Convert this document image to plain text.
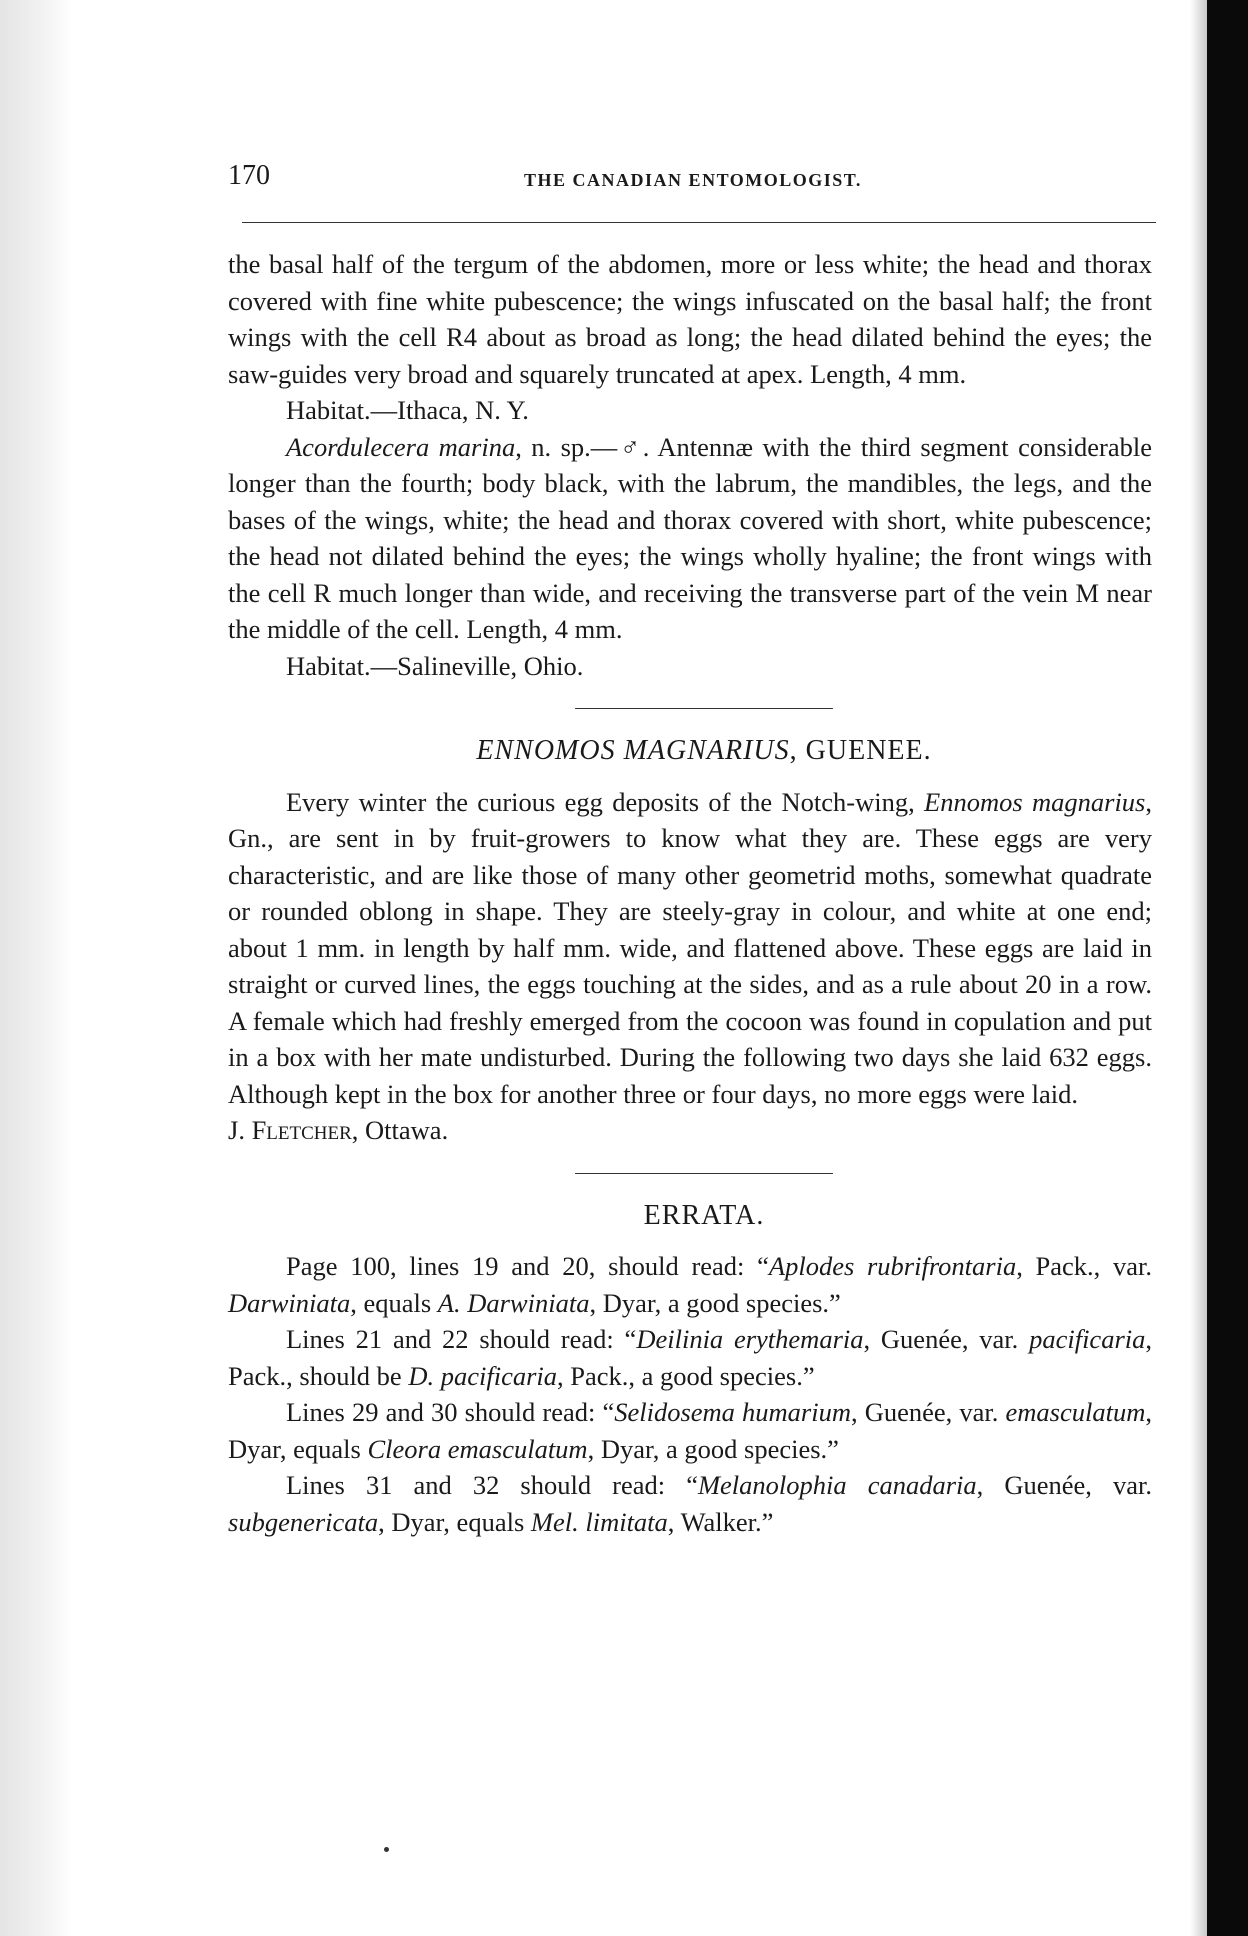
170	THE CANADIAN ENTOMOLOGIST.

the basal half of the tergum of the abdomen, more or less white; the head and thorax covered with fine white pubescence; the wings infuscated on the basal half; the front wings with the cell R4 about as broad as long; the head dilated behind the eyes; the saw-guides very broad and squarely truncated at apex. Length, 4 mm.

Habitat.—Ithaca, N. Y.

Acordulecera marina, n. sp.—♂. Antennæ with the third segment considerable longer than the fourth; body black, with the labrum, the mandibles, the legs, and the bases of the wings, white; the head and thorax covered with short, white pubescence; the head not dilated behind the eyes; the wings wholly hyaline; the front wings with the cell R much longer than wide, and receiving the transverse part of the vein M near the middle of the cell. Length, 4 mm.

Habitat.—Salineville, Ohio.

ENNOMOS MAGNARIUS, GUENEE.

Every winter the curious egg deposits of the Notch-wing, Ennomos magnarius, Gn., are sent in by fruit-growers to know what they are. These eggs are very characteristic, and are like those of many other geometrid moths, somewhat quadrate or rounded oblong in shape. They are steely-gray in colour, and white at one end; about 1 mm. in length by half mm. wide, and flattened above. These eggs are laid in straight or curved lines, the eggs touching at the sides, and as a rule about 20 in a row. A female which had freshly emerged from the cocoon was found in copulation and put in a box with her mate undisturbed. During the following two days she laid 632 eggs. Although kept in the box for another three or four days, no more eggs were laid.

J. Fletcher, Ottawa.

ERRATA.

Page 100, lines 19 and 20, should read: “Aplodes rubrifrontaria, Pack., var. Darwiniata, equals A. Darwiniata, Dyar, a good species.”

Lines 21 and 22 should read: “Deilinia erythemaria, Guenée, var. pacificaria, Pack., should be D. pacificaria, Pack., a good species.”

Lines 29 and 30 should read: “Selidosema humarium, Guenée, var. emasculatum, Dyar, equals Cleora emasculatum, Dyar, a good species.”

Lines 31 and 32 should read: “Melanolophia canadaria, Guenée, var. subgenericata, Dyar, equals Mel. limitata, Walker.”
